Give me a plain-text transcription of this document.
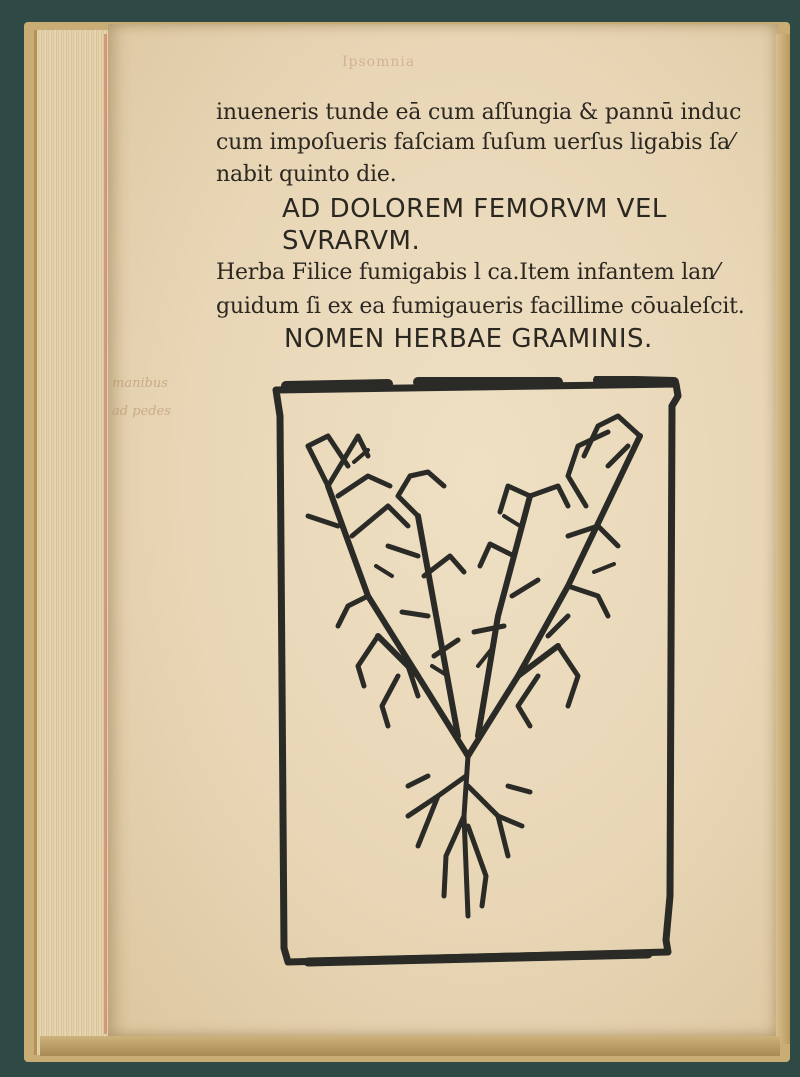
Ipsomnia
manibus
ad pedes
inueneris tunde eā cum aſſungia & pannū induc
cum impoſueris faſciam ſuſum uerſus ligabis ſa⁄
nabit quinto die.
AD DOLOREM FEMORVM VEL
SVRARVM.
Herba Filice fumigabis l ca.Item infantem lan⁄
guidum ſi ex ea fumigaueris facillime cōualeſcit.
NOMEN HERBAE GRAMINIS.
